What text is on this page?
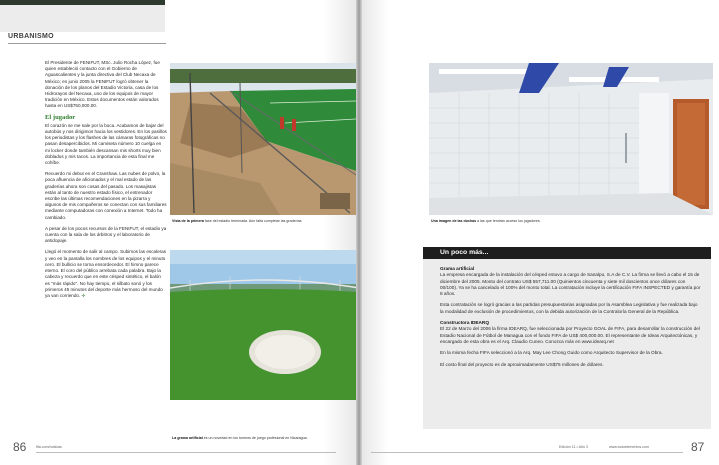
URBANISMO

El Presidente de FENIFUT, MSc. Julio Rocha López, fue quien estableció contacto con el Gobierno de Aguascalientes y la junta directiva del Club Necaxa de México; en junio 2005 la FENIFUT logró obtener la donación de los planos del Estadio Victoria, casa de los Hidrorayos del Necaxa, uno de los equipos de mayor tradición en México. Estos documentos están valorados hasta en US$750,000.00.

El jugador

El corazón se me sale por la boca. Acabamos de bajar del autobús y nos dirigimos hacia los vestidores. En los pasillos los periodistas y los flashes de las cámaras fotográficas no pasan desapercibidos. Mi camiseta número 10 cuelga en mi locker donde también descansan mis shorts muy bien doblados y mis tacos. La importancia de esta final me cohíbe.

Recuerdo mi debut en el Cranshaw. Las nubes de polvo, la poca afluencia de aficionados y el mal estado de las graderías ahora son cosas del pasado. Los masajistas están al tanto de nuestro estado físico, el entrenador escribe las últimas recomendaciones en la pizarra y algunos de mis compañeros se conectan con sus familiares mediante computadoras con conexión a Internet. Todo ha cambiado.

A pesar de los pocos recursos de la FENIFUT, el estadio ya cuenta con la sala de los árbitros y el laboratorio de antidopaje.

Llegó el momento de salir al campo. Subimos las escaleras y veo en la pantalla los nombres de los equipos y el minuto cero. El bullicio se torna ensordecedor. El himno parece eterno. El coro del público arrebata cada palabra. Bajo la cabeza y recuerdo que en este césped sintético, el balón es "más rápido". No hay tiempo, el silbato sonó y los primeros 45 minutos del deporte más hermoso del mundo ya van corriendo. ✢

Vista de la primera fase del estadio terminada. Aún falta completar las graderías
La grama artificial es un novedad en los torneos de juego profesional en Nicaragua.
86	fifa.com/noticias
Una imagen de las duchas a las que tendrán acceso los jugadores.
87
Edición 11 • Año 3	www.todoelementos.com
Un poco más...

Grama artificial

La empresa encargada de la instalación del césped estuvo a cargo de Sanalpo, S.A de C.V. La firma se llevó a cabo el 15 de diciembre del 2005. Monto del contrato US$ 557,711.00 (Quinientos cincuenta y siete mil doscientos once dólares con 00/100). Ya se ha cancelado el 100% del monto total. La contratación incluye la certificación FIFA INSPECTED y garantía por 8 años.

Esta contratación se logró gracias a las partidas presupuestarias asignadas por la Asamblea Legislativa y fue realizada bajo la modalidad de exclusión de procedimientos, con la debida autorización de la Contraloría General de la República.

Constructora IDEARQ

El 22 de Marzo del 2006 la firma IDEARQ, fue seleccionada por Proyecto GOAL de FIFA, para desarrollar la construcción del Estadio Nacional de Fútbol de Managua con el fondo FIFA de US$ 400,000.00. El representante de Ideas Arquitectónicas, y encargado de esta obra es el Arq. Claudio Cuneo. Conozca más en www.idearq.net

En la misma fecha FIFA seleccionó a la Arq. May Lee Chong Guido como Arquitecto Supervisor de la Obra.

El costo final del proyecto es de aproximadamente US$75 millones de dólares.
